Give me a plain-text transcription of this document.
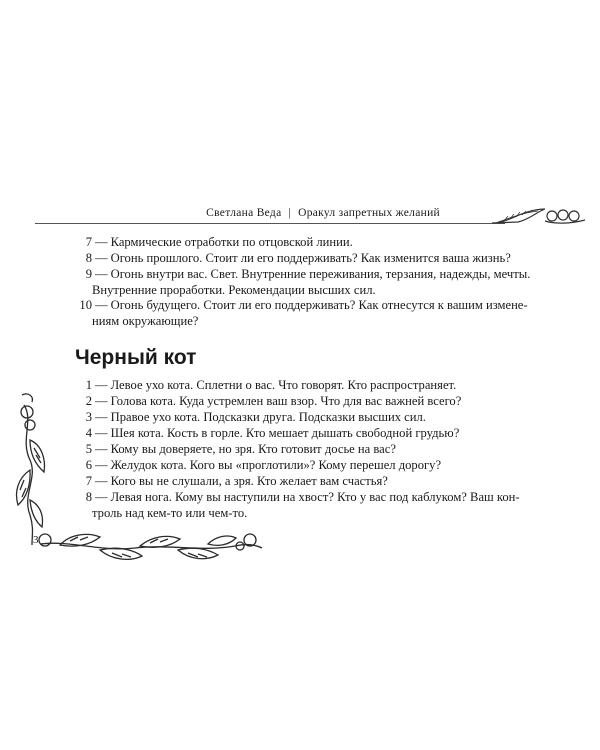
Светлана Веда | Оракул запретных желаний
7 — Кармические отработки по отцовской линии.
8 — Огонь прошлого. Стоит ли его поддерживать? Как изменится ваша жизнь?
9 — Огонь внутри вас. Свет. Внутренние переживания, терзания, надежды, мечты.
Внутренние проработки. Рекомендации высших сил.
10 — Огонь будущего. Стоит ли его поддерживать? Как отнесутся к вашим измене-
ниям окружающие?
Черный кот
1 — Левое ухо кота. Сплетни о вас. Что говорят. Кто распространяет.
2 — Голова кота. Куда устремлен ваш взор. Что для вас важней всего?
3 — Правое ухо кота. Подсказки друга. Подсказки высших сил.
4 — Шея кота. Кость в горле. Кто мешает дышать свободной грудью?
5 — Кому вы доверяете, но зря. Кто готовит досье на вас?
6 — Желудок кота. Кого вы «проглотили»? Кому перешел дорогу?
7 — Кого вы не слушали, а зря. Кто желает вам счастья?
8 — Левая нога. Кому вы наступили на хвост? Кто у вас под каблуком? Ваш кон-
троль над кем-то или чем-то.
3
